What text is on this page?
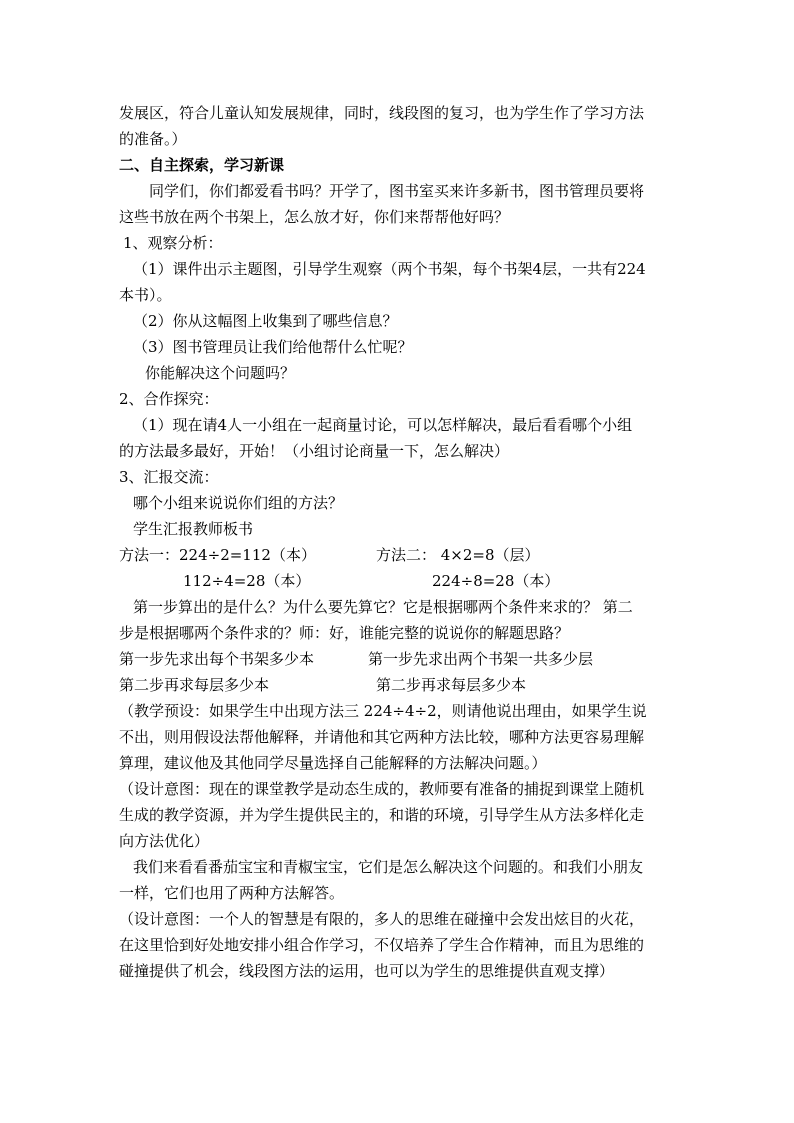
发展区，符合儿童认知发展规律，同时，线段图的复习，也为学生作了学习方法
的准备。）
二、自主探索，学习新课
同学们，你们都爱看书吗？开学了，图书室买来许多新书，图书管理员要将
这些书放在两个书架上，怎么放才好，你们来帮帮他好吗？
1、观察分析：
（1）课件出示主题图，引导学生观察（两个书架，每个书架4层，一共有224
本书）。
（2）你从这幅图上收集到了哪些信息？
（3）图书管理员让我们给他帮什么忙呢？
你能解决这个问题吗？
2、合作探究：
（1）现在请4人一小组在一起商量讨论，可以怎样解决，最后看看哪个小组
的方法最多最好，开始！（小组讨论商量一下，怎么解决）
3、汇报交流：
哪个小组来说说你们组的方法？
学生汇报教师板书
方法一：224÷2=112（本）	方法二： 4×2=8（层）
112÷4=28（本）	224÷8=28（本）
第一步算出的是什么？为什么要先算它？它是根据哪两个条件来求的？ 第二
步是根据哪两个条件求的？师：好，谁能完整的说说你的解题思路？
第一步先求出每个书架多少本	第一步先求出两个书架一共多少层
第二步再求每层多少本	第二步再求每层多少本
（教学预设：如果学生中出现方法三 224÷4÷2，则请他说出理由，如果学生说
不出，则用假设法帮他解释，并请他和其它两种方法比较，哪种方法更容易理解
算理，建议他及其他同学尽量选择自己能解释的方法解决问题。）
（设计意图：现在的课堂教学是动态生成的，教师要有准备的捕捉到课堂上随机
生成的教学资源，并为学生提供民主的，和谐的环境，引导学生从方法多样化走
向方法优化）
我们来看看番茄宝宝和青椒宝宝，它们是怎么解决这个问题的。和我们小朋友
一样，它们也用了两种方法解答。
（设计意图：一个人的智慧是有限的，多人的思维在碰撞中会发出炫目的火花，
在这里恰到好处地安排小组合作学习，不仅培养了学生合作精神，而且为思维的
碰撞提供了机会，线段图方法的运用，也可以为学生的思维提供直观支撑）
